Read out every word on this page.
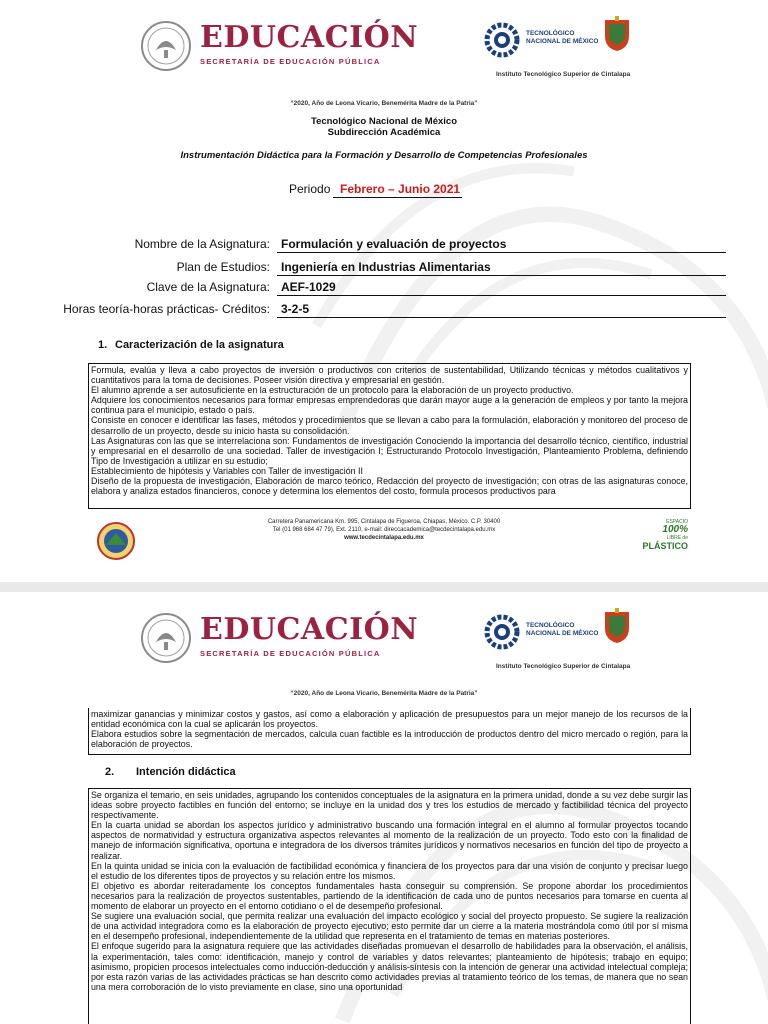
EDUCACIÓN
SECRETARÍA DE EDUCACIÓN PÚBLICA
TECNOLÓGICO
NACIONAL DE MÉXICO
Instituto Tecnológico Superior de Cintalapa
“2020, Año de Leona Vicario, Benemérita Madre de la Patria”
Tecnológico Nacional de México
Subdirección Académica
Instrumentación Didáctica para la Formación y Desarrollo de Competencias Profesionales
Periodo Febrero – Junio 2021
Nombre de la Asignatura: Formulación y evaluación de proyectos
Plan de Estudios: Ingeniería en Industrias Alimentarias
Clave de la Asignatura: AEF-1029
Horas teoría-horas prácticas- Créditos: 3-2-5
1. Caracterización de la asignatura

Formula, evalúa y lleva a cabo proyectos de inversión o productivos con criterios de sustentabilidad, Utilizando técnicas y métodos cualitativos y cuantitativos para la toma de decisiones. Poseer visión directiva y empresarial en gestión.

El alumno aprende a ser autosuficiente en la estructuración de un protocolo para la elaboración de un proyecto productivo.

Adquiere los conocimientos necesarios para formar empresas emprendedoras que darán mayor auge a la generación de empleos y por tanto la mejora continua para el municipio, estado o país.

Consiste en conocer e identificar las fases, métodos y procedimientos que se llevan a cabo para la formulación, elaboración y monitoreo del proceso de desarrollo de un proyecto, desde su inicio hasta su consolidación.

Las Asignaturas con las que se interrelaciona son: Fundamentos de investigación Conociendo la importancia del desarrollo técnico, científico, industrial y empresarial en el desarrollo de una sociedad. Taller de investigación I; Estructurando Protocolo Investigación, Planteamiento Problema, definiendo Tipo de Investigación a utilizar en su estudio;

Establecimiento de hipótesis y Variables con Taller de investigación II

Diseño de la propuesta de investigación, Elaboración de marco teórico, Redacción del proyecto de investigación; con otras de las asignaturas conoce, elabora y analiza estados financieros, conoce y determina los elementos del costo, formula procesos productivos para

Carretera Panamericana Km. 995, Cintalapa de Figueroa, Chiapas, México. C.P. 30400
Tel (01 968 684 47 79), Ext. 2110, e-mail: direccacademica@tecdecintalapa.edu.mx
www.tecdecintalapa.edu.mx
ESPACIO
100%
LIBRE de
PLÁSTICO
EDUCACIÓN
SECRETARÍA DE EDUCACIÓN PÚBLICA
TECNOLÓGICO
NACIONAL DE MÉXICO
Instituto Tecnológico Superior de Cintalapa
“2020, Año de Leona Vicario, Benemérita Madre de la Patria”

maximizar ganancias y minimizar costos y gastos, así como a elaboración y aplicación de presupuestos para un mejor manejo de los recursos de la entidad económica con la cual se aplicarán los proyectos.

Elabora estudios sobre la segmentación de mercados, calcula cuan factible es la introducción de productos dentro del micro mercado o región, para la elaboración de proyectos.

2. Intención didáctica

Se organiza el temario, en seis unidades, agrupando los contenidos conceptuales de la asignatura en la primera unidad, donde a su vez debe surgir las ideas sobre proyecto factibles en función del entorno; se incluye en la unidad dos y tres los estudios de mercado y factibilidad técnica del proyecto respectivamente.

En la cuarta unidad se abordan los aspectos jurídico y administrativo buscando una formación integral en el alumno al formular proyectos tocando aspectos de normatividad y estructura organizativa aspectos relevantes al momento de la realización de un proyecto. Todo esto con la finalidad de manejo de información significativa, oportuna e integradora de los diversos trámites jurídicos y normativos necesarios en función del tipo de proyecto a realizar.

En la quinta unidad se inicia con la evaluación de factibilidad económica y financiera de los proyectos para dar una visión de conjunto y precisar luego el estudio de los diferentes tipos de proyectos y su relación entre los mismos.

El objetivo es abordar reiteradamente los conceptos fundamentales hasta conseguir su comprensión. Se propone abordar los procedimientos necesarios para la realización de proyectos sustentables, partiendo de la identificación de cada uno de puntos necesarios para tomarse en cuenta al momento de elaborar un proyecto en el entorno cotidiano o el de desempeño profesional.

Se sugiere una evaluación social, que permita realizar una evaluación del impacto ecológico y social del proyecto propuesto. Se sugiere la realización de una actividad integradora como es la elaboración de proyecto ejecutivo; esto permite dar un cierre a la materia mostrándola como útil por sí misma en el desempeño profesional, independientemente de la utilidad que representa en el tratamiento de temas en materias posteriores.

El enfoque sugerido para la asignatura requiere que las actividades diseñadas promuevan el desarrollo de habilidades para la observación, el análisis, la experimentación, tales como: identificación, manejo y control de variables y datos relevantes; planteamiento de hipótesis; trabajo en equipo; asimismo, propicien procesos intelectuales como inducción-deducción y análisis-síntesis con la intención de generar una actividad intelectual compleja; por esta razón varias de las actividades prácticas se han descrito como actividades previas al tratamiento teórico de los temas, de manera que no sean una mera corroboración de lo visto previamente en clase, sino una oportunidad
